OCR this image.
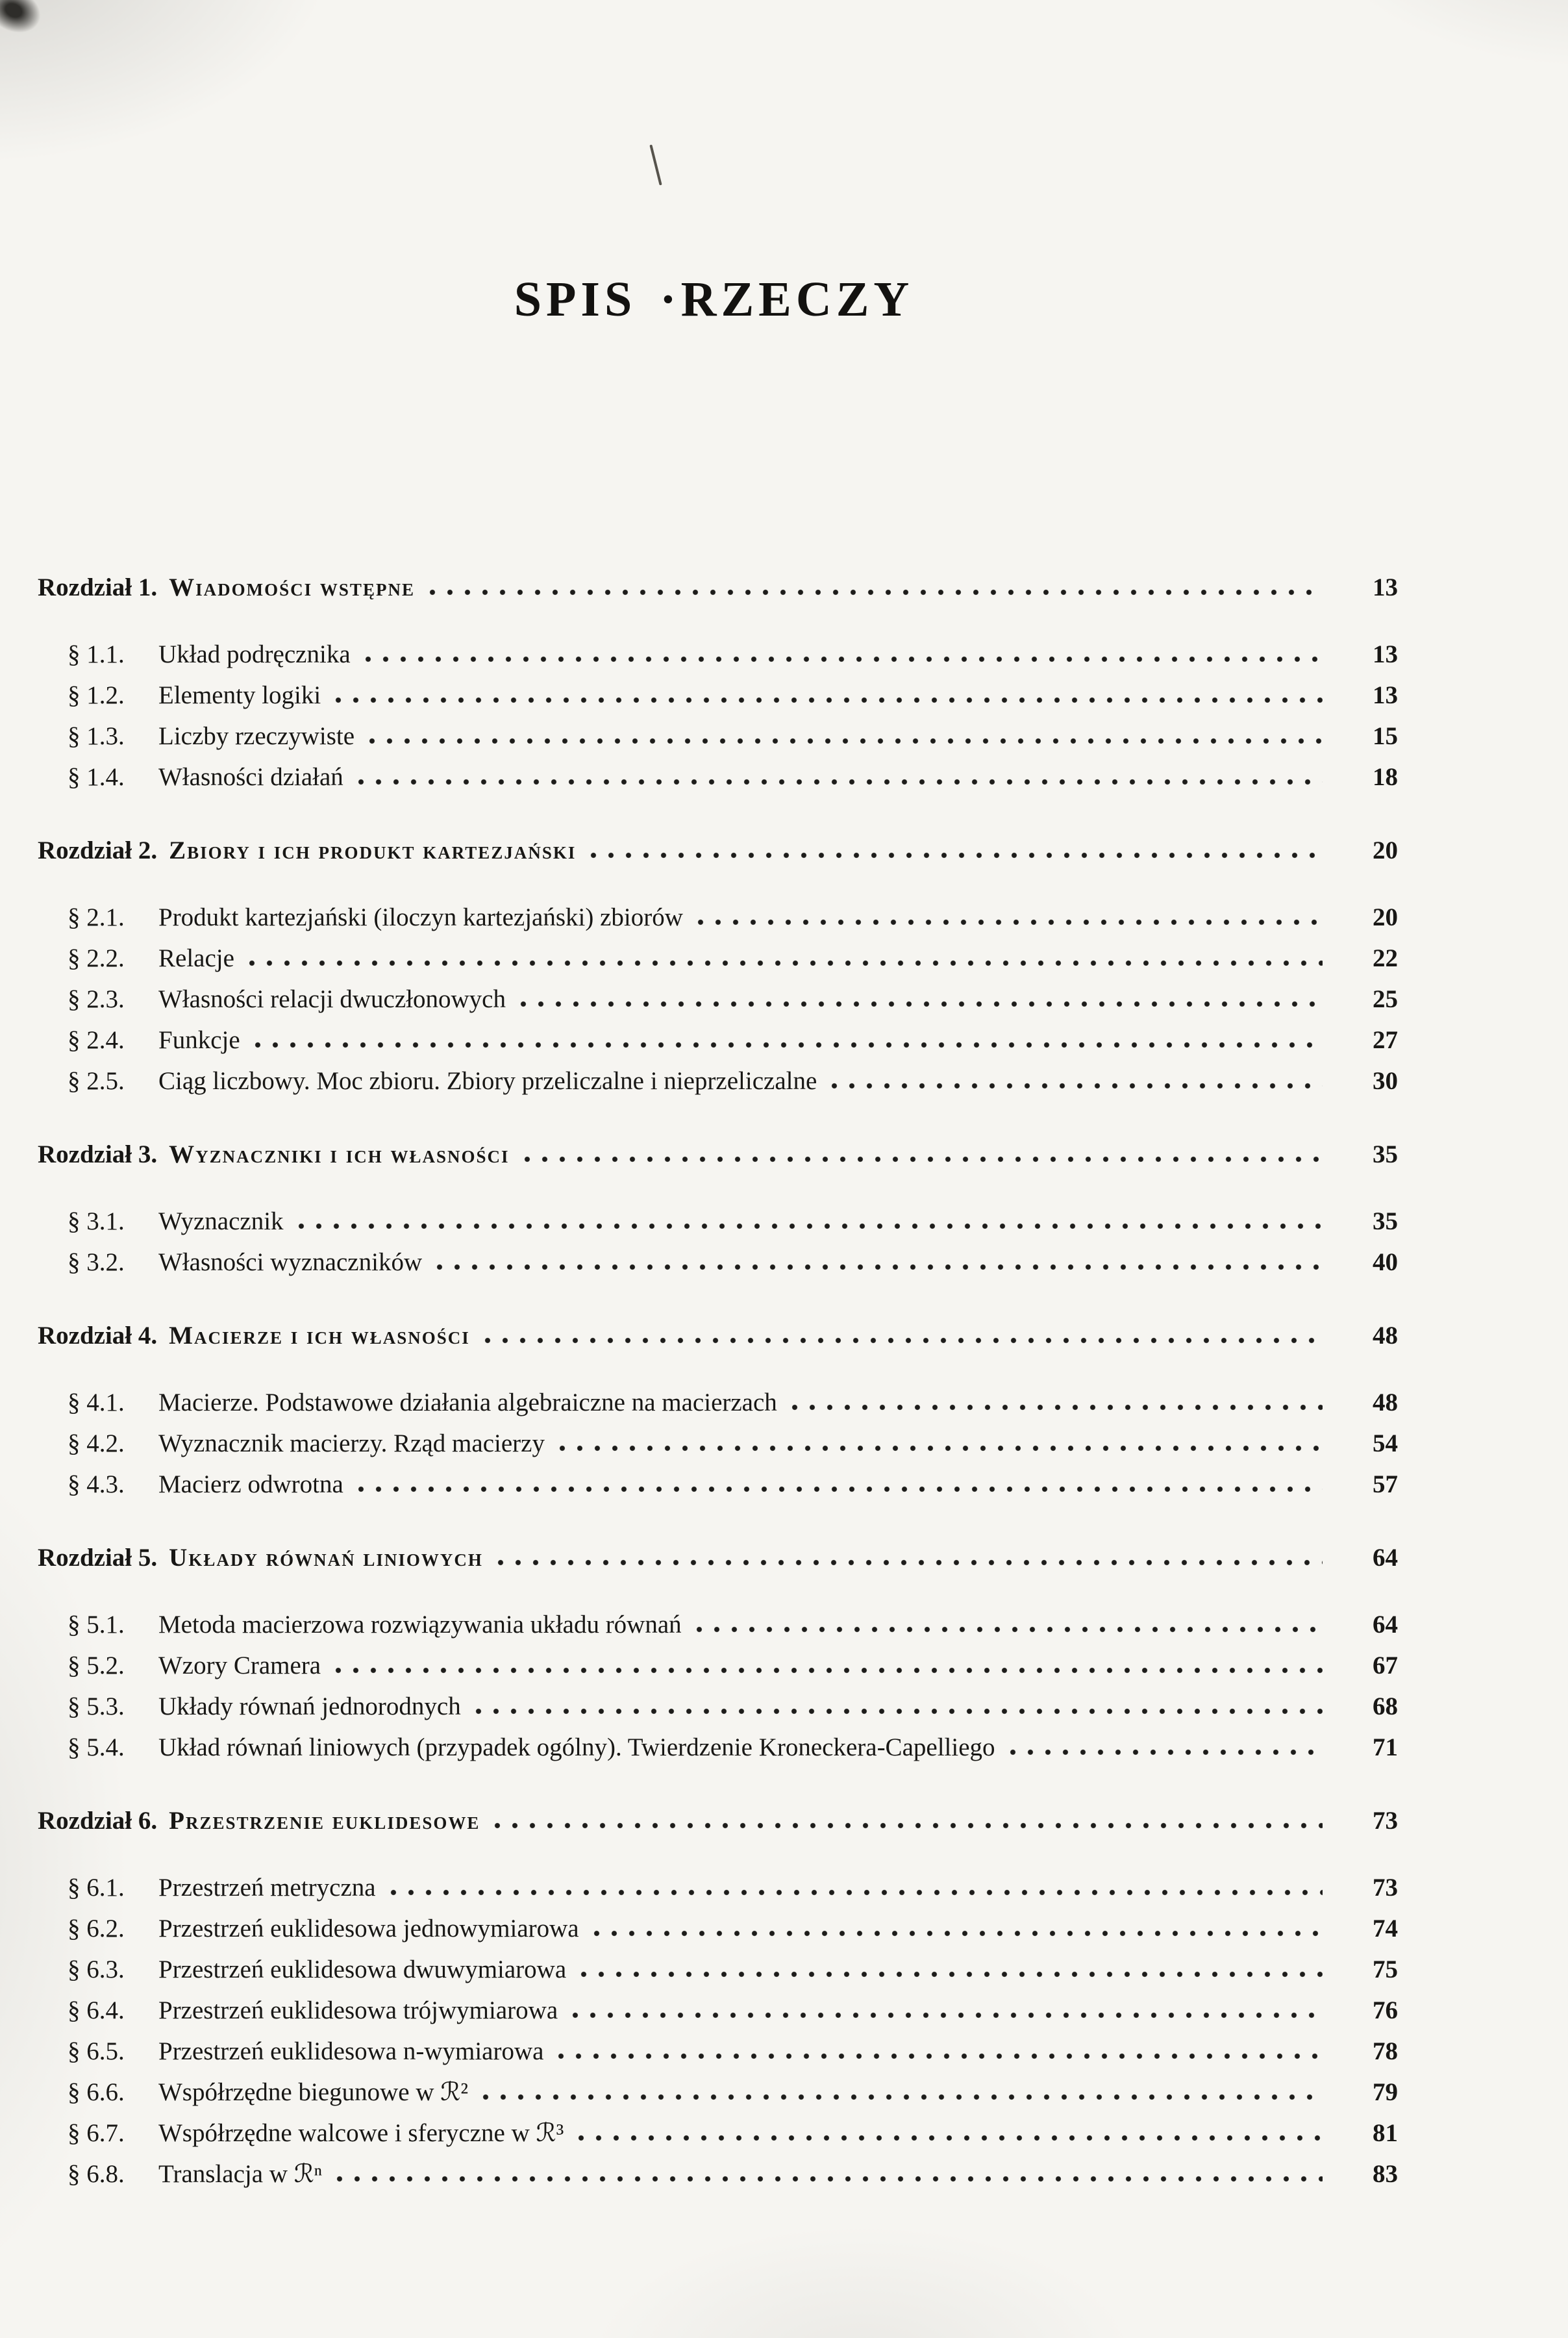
SPIS ·RZECZY
Rozdział 1. Wiadomości wstępne	13
§ 1.1.	Układ podręcznika	13
§ 1.2.	Elementy logiki	13
§ 1.3.	Liczby rzeczywiste	15
§ 1.4.	Własności działań	18
Rozdział 2. Zbiory i ich produkt kartezjański	20
§ 2.1.	Produkt kartezjański (iloczyn kartezjański) zbiorów	20
§ 2.2.	Relacje	22
§ 2.3.	Własności relacji dwuczłonowych	25
§ 2.4.	Funkcje	27
§ 2.5.	Ciąg liczbowy. Moc zbioru. Zbiory przeliczalne i nieprzeliczalne	30
Rozdział 3. Wyznaczniki i ich własności	35
§ 3.1.	Wyznacznik	35
§ 3.2.	Własności wyznaczników	40
Rozdział 4. Macierze i ich własności	48
§ 4.1.	Macierze. Podstawowe działania algebraiczne na macierzach	48
§ 4.2.	Wyznacznik macierzy. Rząd macierzy	54
§ 4.3.	Macierz odwrotna	57
Rozdział 5. Układy równań liniowych	64
§ 5.1.	Metoda macierzowa rozwiązywania układu równań	64
§ 5.2.	Wzory Cramera	67
§ 5.3.	Układy równań jednorodnych	68
§ 5.4.	Układ równań liniowych (przypadek ogólny). Twierdzenie Kroneckera-Capelliego	71
Rozdział 6. Przestrzenie euklidesowe	73
§ 6.1.	Przestrzeń metryczna	73
§ 6.2.	Przestrzeń euklidesowa jednowymiarowa	74
§ 6.3.	Przestrzeń euklidesowa dwuwymiarowa	75
§ 6.4.	Przestrzeń euklidesowa trójwymiarowa	76
§ 6.5.	Przestrzeń euklidesowa n-wymiarowa	78
§ 6.6.	Współrzędne biegunowe w ℛ²	79
§ 6.7.	Współrzędne walcowe i sferyczne w ℛ³	81
§ 6.8.	Translacja w ℛⁿ	83
